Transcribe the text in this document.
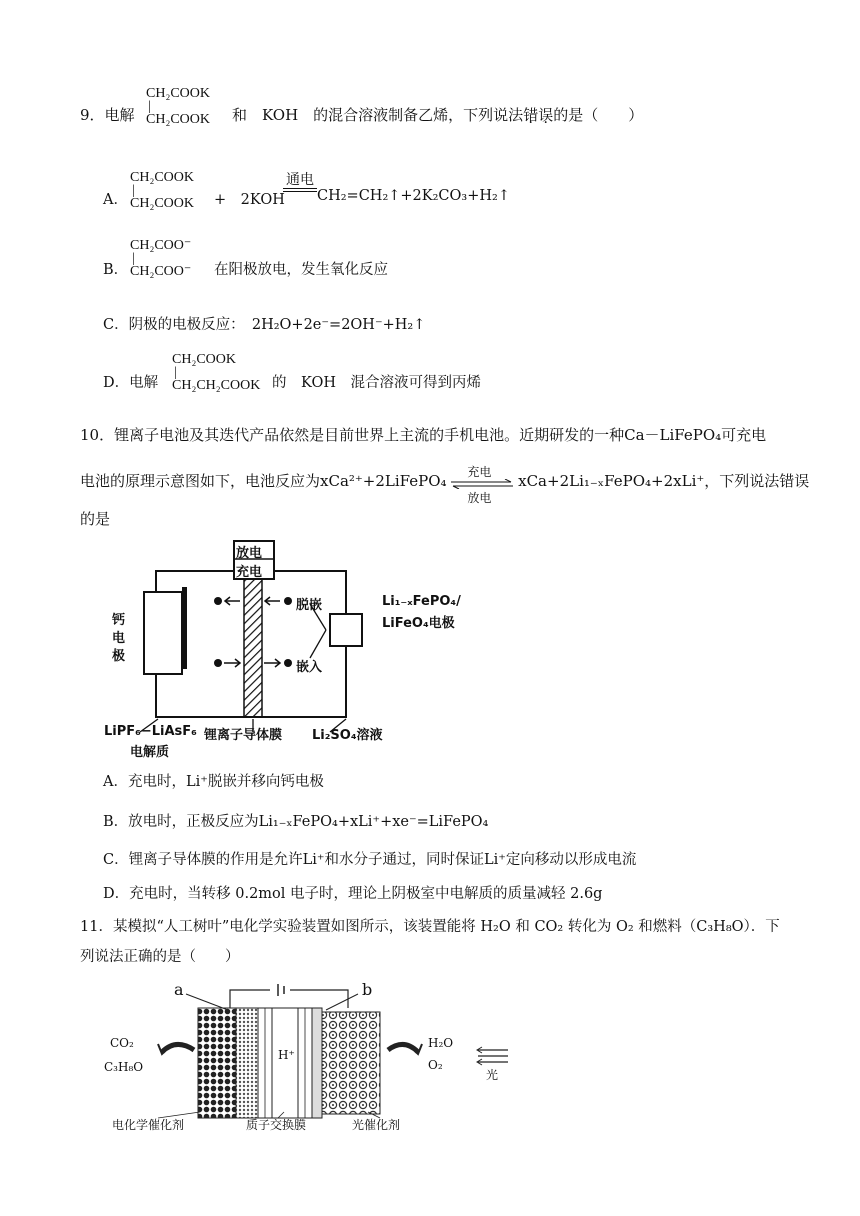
9．电解
CH₂COOK
|
CH₂COOK 和　KOH　的混合溶液制备乙烯，下列说法错误的是（　　）
A．
CH₂COOK
|
CH₂COOK +　2KOH
通电
CH₂=CH₂↑+2K₂CO₃+H₂↑
B．
CH₂COO⁻
|
CH₂COO⁻ 在阳极放电，发生氧化反应
C．阴极的电极反应：　2H₂O+2e⁻=2OH⁻+H₂↑
D．电解
CH₂COOK
|
CH₂CH₂COOK 的　KOH　混合溶液可得到丙烯
10．锂离子电池及其迭代产品依然是目前世界上主流的手机电池。近期研发的一种Ca－LiFePO₄可充电
电池的原理示意图如下，电池反应为xCa²⁺+2LiFePO₄ 充电
放电
xCa+2Li₁₋ₓFePO₄+2xLi⁺，下列说法错误
的是
放电
充电
钙
电
极
Li₁₋ₓFePO₄/
LiFeO₄电极
脱嵌
嵌入
LiPF₆−LiAsF₆
电解质
锂离子导体膜 Li₂SO₄溶液
A．充电时，Li⁺脱嵌并移向钙电极
B．放电时，正极反应为Li₁₋ₓFePO₄+xLi⁺+xe⁻=LiFePO₄
C．锂离子导体膜的作用是允许Li⁺和水分子通过，同时保证Li⁺定向移动以形成电流
D．充电时，当转移 0.2mol 电子时，理论上阴极室中电解质的质量减轻 2.6g
11．某模拟“人工树叶”电化学实验装置如图所示，该装置能将 H₂O 和 CO₂ 转化为 O₂ 和燃料（C₃H₈O）．下
列说法正确的是（　　）
a	b
CO₂
C₃H₈O
H⁺
H₂O
O₂
光
电化学催化剂	质子交换膜	光催化剂
